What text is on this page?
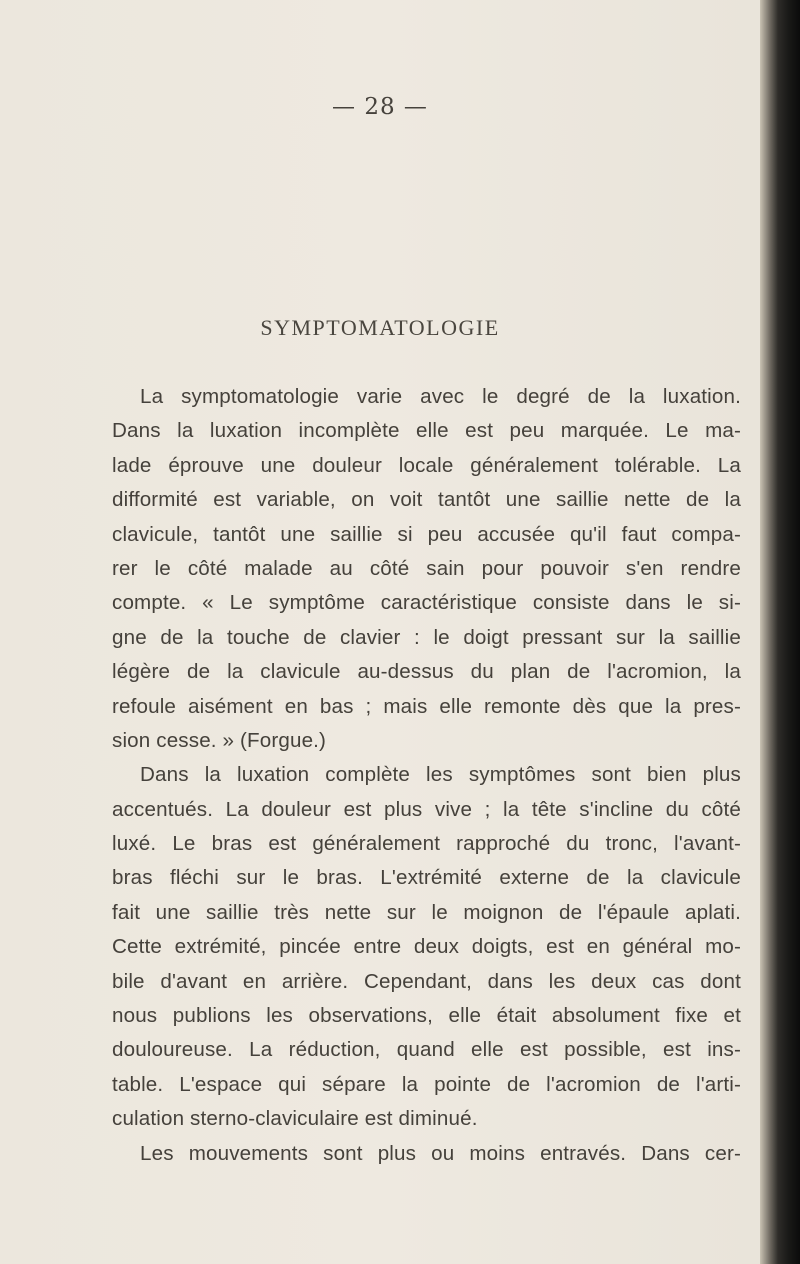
— 28 —
SYMPTOMATOLOGIE
La symptomatologie varie avec le degré de la luxation.
Dans la luxation incomplète elle est peu marquée. Le ma-
lade éprouve une douleur locale généralement tolérable. La
difformité est variable, on voit tantôt une saillie nette de la
clavicule, tantôt une saillie si peu accusée qu'il faut compa-
rer le côté malade au côté sain pour pouvoir s'en rendre
compte. « Le symptôme caractéristique consiste dans le si-
gne de la touche de clavier : le doigt pressant sur la saillie
légère de la clavicule au-dessus du plan de l'acromion, la
refoule aisément en bas ; mais elle remonte dès que la pres-
sion cesse. » (Forgue.)
Dans la luxation complète les symptômes sont bien plus
accentués. La douleur est plus vive ; la tête s'incline du côté
luxé. Le bras est généralement rapproché du tronc, l'avant-
bras fléchi sur le bras. L'extrémité externe de la clavicule
fait une saillie très nette sur le moignon de l'épaule aplati.
Cette extrémité, pincée entre deux doigts, est en général mo-
bile d'avant en arrière. Cependant, dans les deux cas dont
nous publions les observations, elle était absolument fixe et
douloureuse. La réduction, quand elle est possible, est ins-
table. L'espace qui sépare la pointe de l'acromion de l'arti-
culation sterno-claviculaire est diminué.
Les mouvements sont plus ou moins entravés. Dans cer-
